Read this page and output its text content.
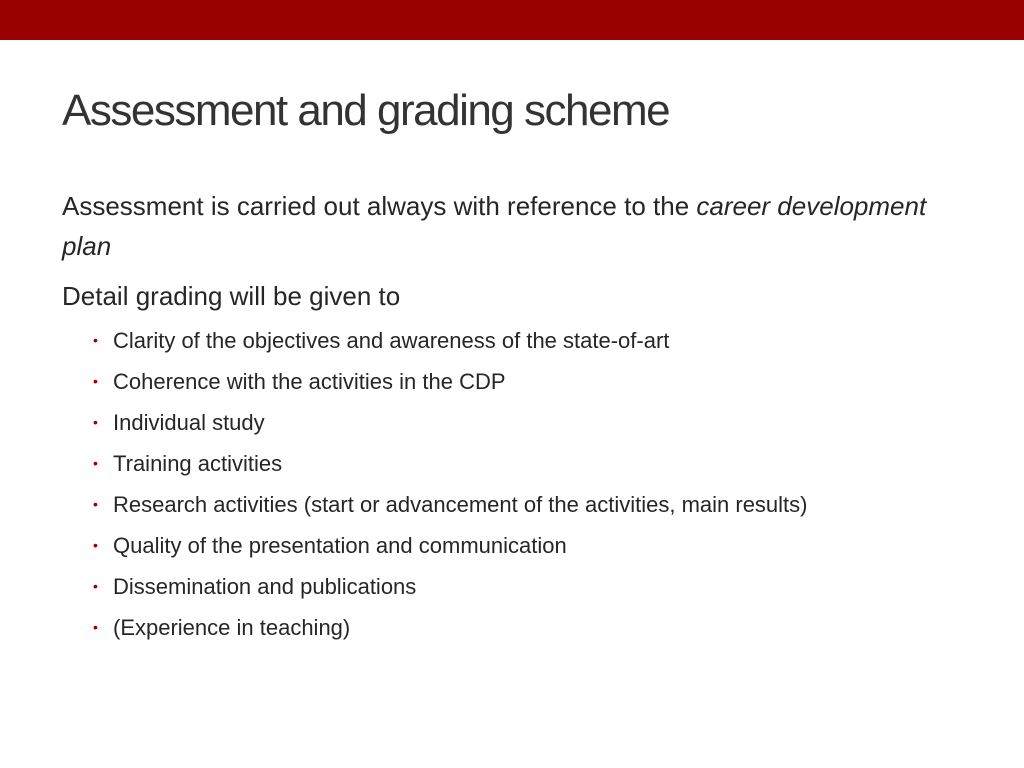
Assessment and grading scheme

Assessment is carried out always with reference to the career development plan

Detail grading will be given to

• Clarity of the objectives and awareness of the state-of-art
• Coherence with the activities in the CDP
• Individual study
• Training activities
• Research activities (start or advancement of the activities, main results)
• Quality of the presentation and communication
• Dissemination and publications
• (Experience in teaching)
